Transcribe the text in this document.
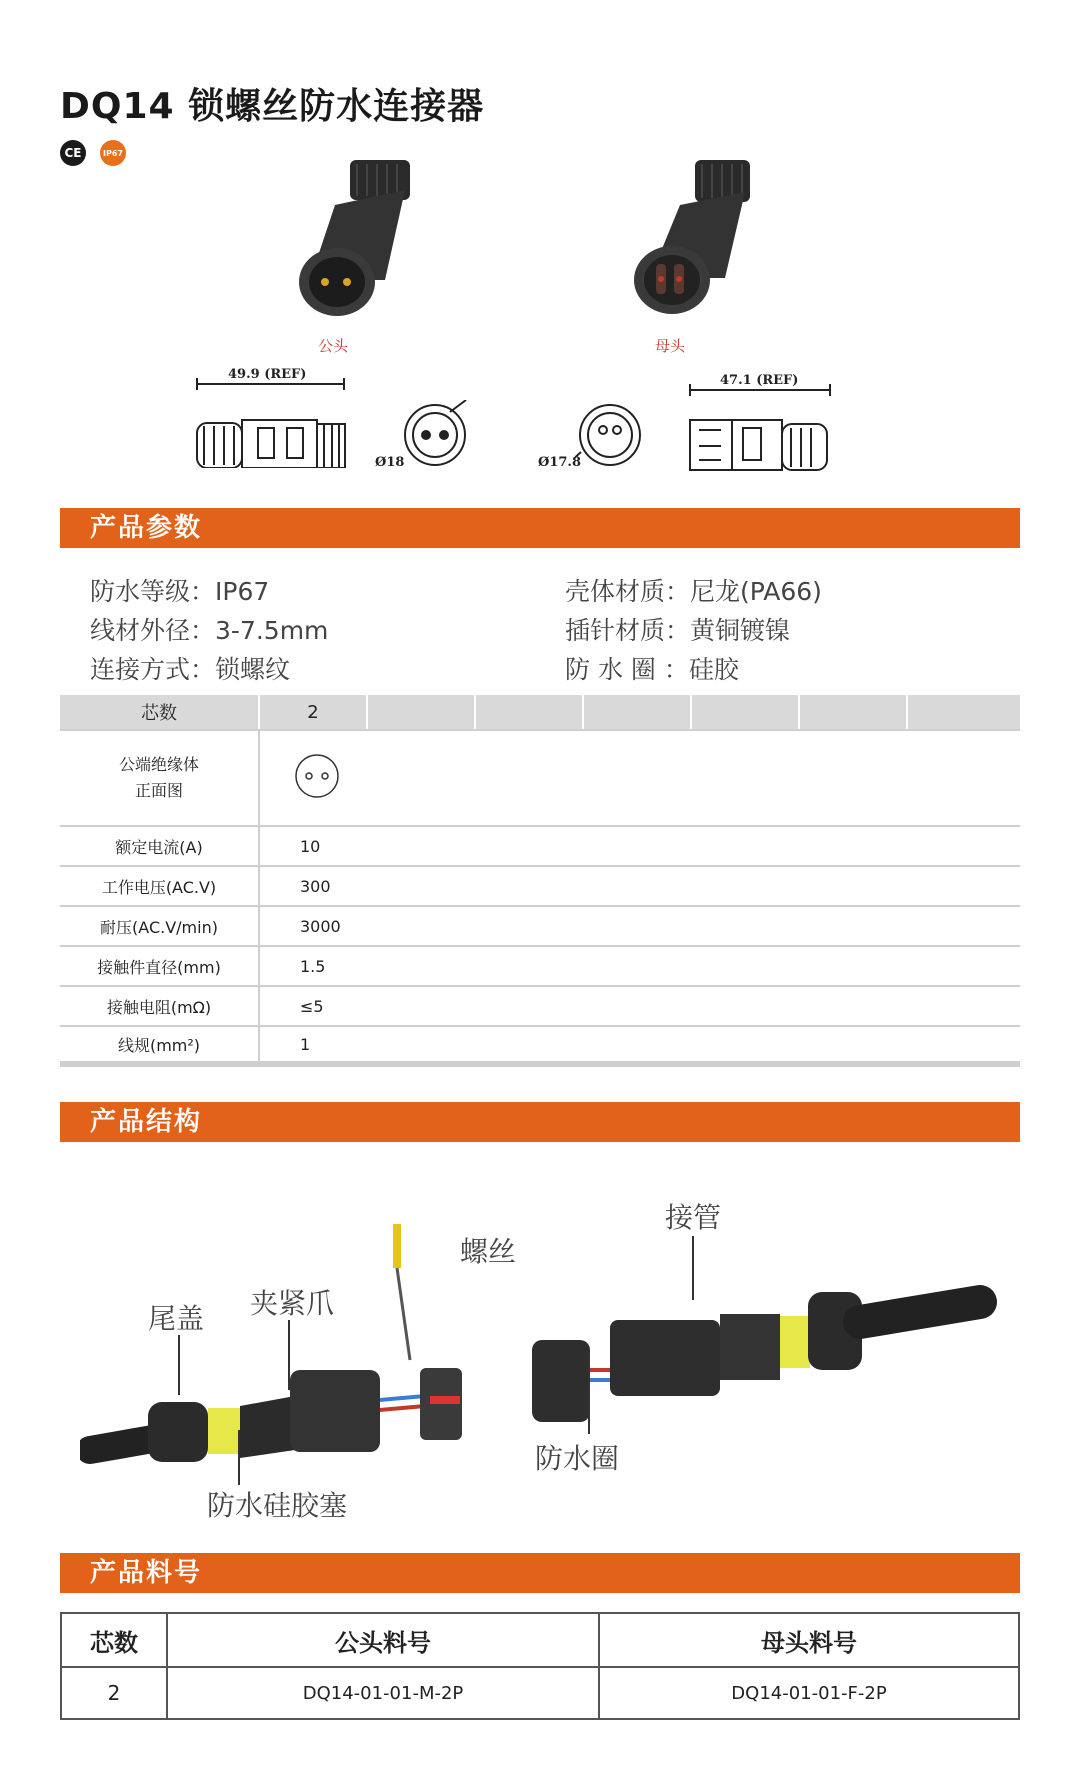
DQ14 锁螺丝防水连接器
CE	IP67
公头	母头
49.9 (REF)
Ø18	Ø17.8
47.1 (REF)
产品参数
防水等级：IP67
线材外径：3-7.5mm
连接方式：锁螺纹
壳体材质：尼龙(PA66)
插针材质：黄铜镀镍
防 水 圈 ：硅胶
芯数	2						

公端绝缘体
正面图

额定电流(A)	10						
工作电压(AC.V)	300						
耐压(AC.V/min)	3000						
接触件直径(mm)	1.5						
接触电阻(mΩ)	≤5						
线规(mm²)	1						
产品结构
尾盖 夹紧爪
螺丝
接管
防水圈
防水硅胶塞
产品料号
芯数	公头料号	母头料号
2	DQ14-01-01-M-2P	DQ14-01-01-F-2P
